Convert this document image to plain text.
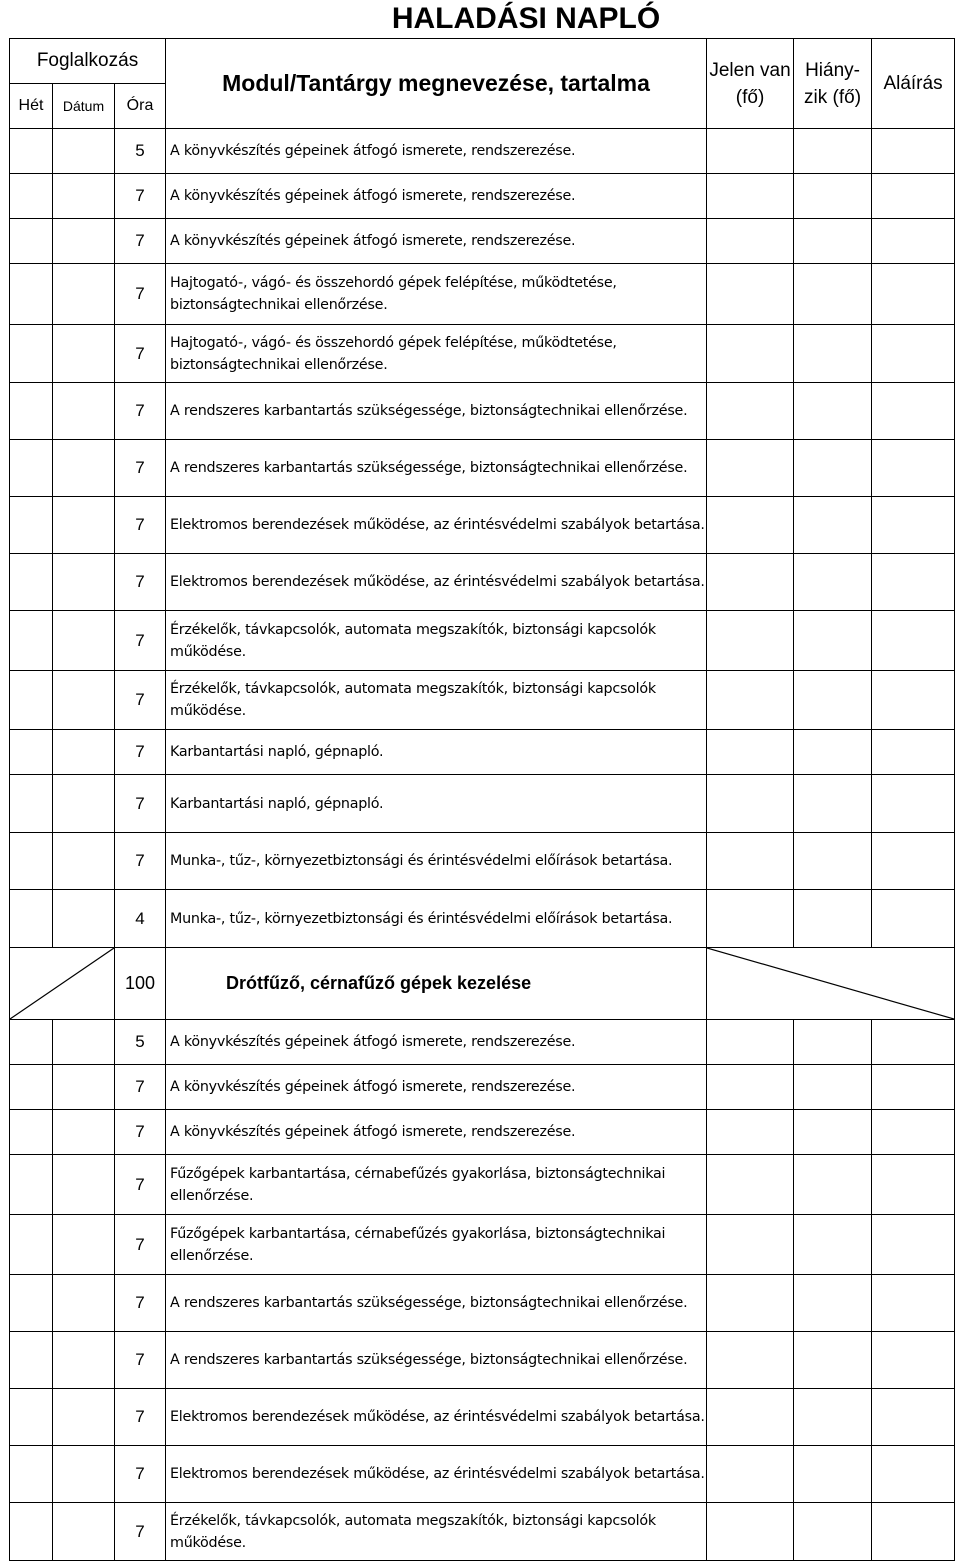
HALADÁSI NAPLÓ
Foglalkozás			Modul/Tantárgy megnevezése, tartalma	Jelen van (fő)	Hiány- zik (fő)	Aláírás
Hét	Dátum	Óra				
		5	A könyvkészítés gépeinek átfogó ismerete, rendszerezése.			
		7	A könyvkészítés gépeinek átfogó ismerete, rendszerezése.			
		7	A könyvkészítés gépeinek átfogó ismerete, rendszerezése.			
		7	Hajtogató-, vágó- és összehordó gépek felépítése, működtetése, biztonságtechnikai ellenőrzése.			
		7	Hajtogató-, vágó- és összehordó gépek felépítése, működtetése, biztonságtechnikai ellenőrzése.			
		7	A rendszeres karbantartás szükségessége, biztonságtechnikai ellenőrzése.			
		7	A rendszeres karbantartás szükségessége, biztonságtechnikai ellenőrzése.			
		7	Elektromos berendezések működése, az érintésvédelmi szabályok betartása.			
		7	Elektromos berendezések működése, az érintésvédelmi szabályok betartása.			
		7	Érzékelők, távkapcsolók, automata megszakítók, biztonsági kapcsolók működése.			
		7	Érzékelők, távkapcsolók, automata megszakítók, biztonsági kapcsolók működése.			
		7	Karbantartási napló, gépnapló.			
		7	Karbantartási napló, gépnapló.			
		7	Munka-, tűz-, környezetbiztonsági és érintésvédelmi előírások betartása.			
		4	Munka-, tűz-, környezetbiztonsági és érintésvédelmi előírások betartása.			

	100	Drótfűző, cérnafűző gépek kezelése	

		5	A könyvkészítés gépeinek átfogó ismerete, rendszerezése.			
		7	A könyvkészítés gépeinek átfogó ismerete, rendszerezése.			
		7	A könyvkészítés gépeinek átfogó ismerete, rendszerezése.			
		7	Fűzőgépek karbantartása, cérnabefűzés gyakorlása, biztonságtechnikai ellenőrzése.			
		7	Fűzőgépek karbantartása, cérnabefűzés gyakorlása, biztonságtechnikai ellenőrzése.			
		7	A rendszeres karbantartás szükségessége, biztonságtechnikai ellenőrzése.			
		7	A rendszeres karbantartás szükségessége, biztonságtechnikai ellenőrzése.			
		7	Elektromos berendezések működése, az érintésvédelmi szabályok betartása.			
		7	Elektromos berendezések működése, az érintésvédelmi szabályok betartása.			
		7	Érzékelők, távkapcsolók, automata megszakítók, biztonsági kapcsolók működése.			
